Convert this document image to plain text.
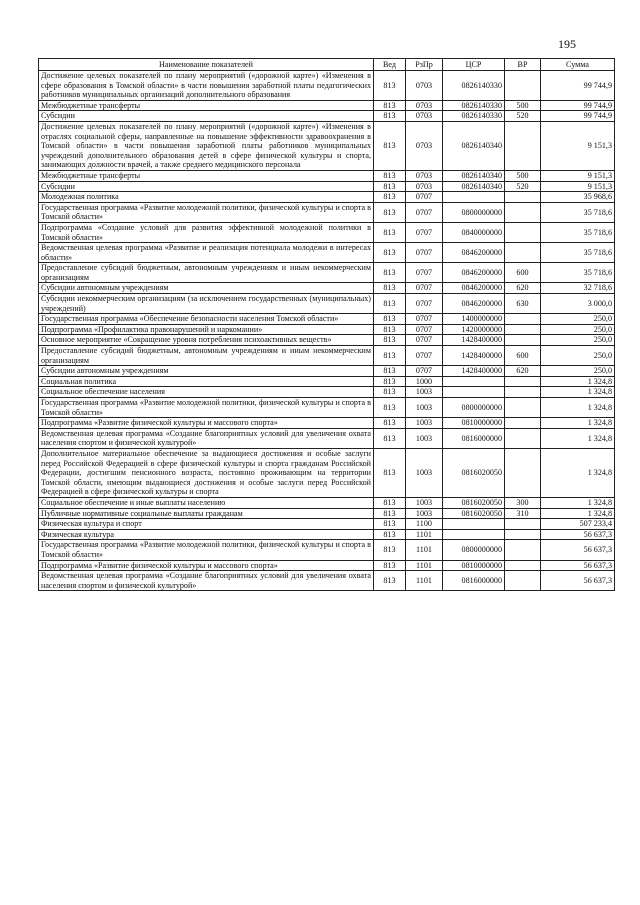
195
Наименование показателей	Вед	РзПр	ЦСР	ВР	Сумма
Достижение целевых показателей по плану мероприятий («дорожной карте») «Изменения в сфере образования в Томской области» в части повышения заработной платы педагогических работников муниципальных организаций дополнительного образования	813	0703	0826140330		99 744,9
Межбюджетные трансферты	813	0703	0826140330	500	99 744,9
Субсидии	813	0703	0826140330	520	99 744,9
Достижение целевых показателей по плану мероприятий («дорожной карте») «Изменения в отраслях социальной сферы, направленные на повышение эффективности здравоохранения в Томской области» в части повышения заработной платы работников муниципальных учреждений дополнительного образования детей в сфере физической культуры и спорта, занимающих должности врачей, а также среднего медицинского персонала	813	0703	0826140340		9 151,3
Межбюджетные трансферты	813	0703	0826140340	500	9 151,3
Субсидии	813	0703	0826140340	520	9 151,3
Молодежная политика	813	0707			35 968,6
Государственная программа «Развитие молодежной политики, физической культуры и спорта в Томской области»	813	0707	0800000000		35 718,6
Подпрограмма «Создание условий для развития эффективной молодежной политики в Томской области»	813	0707	0840000000		35 718,6
Ведомственная целевая программа «Развитие и реализация потенциала молодежи в интересах области»	813	0707	0846200000		35 718,6
Предоставление субсидий бюджетным, автономным учреждениям и иным некоммерческим организациям	813	0707	0846200000	600	35 718,6
Субсидии автономным учреждениям	813	0707	0846200000	620	32 718,6
Субсидии некоммерческим организациям (за исключением государственных (муниципальных) учреждений)	813	0707	0846200000	630	3 000,0
Государственная программа «Обеспечение безопасности населения Томской области»	813	0707	1400000000		250,0
Подпрограмма «Профилактика правонарушений и наркомании»	813	0707	1420000000		250,0
Основное мероприятие «Сокращение уровня потребления психоактивных веществ»	813	0707	1428400000		250,0
Предоставление субсидий бюджетным, автономным учреждениям и иным некоммерческим организациям	813	0707	1428400000	600	250,0
Субсидии автономным учреждениям	813	0707	1428400000	620	250,0
Социальная политика	813	1000			1 324,8
Социальное обеспечение населения	813	1003			1 324,8
Государственная программа «Развитие молодежной политики, физической культуры и спорта в Томской области»	813	1003	0800000000		1 324,8
Подпрограмма «Развитие физической культуры и массового спорта»	813	1003	0810000000		1 324,8
Ведомственная целевая программа «Создание благоприятных условий для увеличения охвата населения спортом и физической культурой»	813	1003	0816000000		1 324,8
Дополнительное материальное обеспечение за выдающиеся достижения и особые заслуги перед Российской Федерацией в сфере физической культуры и спорта гражданам Российской Федерации, достигшим пенсионного возраста, постоянно проживающим на территории Томской области, имеющим выдающиеся достижения и особые заслуги перед Российской Федерацией в сфере физической культуры и спорта	813	1003	0816020050		1 324,8
Социальное обеспечение и иные выплаты населению	813	1003	0816020050	300	1 324,8
Публичные нормативные социальные выплаты гражданам	813	1003	0816020050	310	1 324,8
Физическая культура и спорт	813	1100			507 233,4
Физическая культура	813	1101			56 637,3
Государственная программа «Развитие молодежной политики, физической культуры и спорта в Томской области»	813	1101	0800000000		56 637,3
Подпрограмма «Развитие физической культуры и массового спорта»	813	1101	0810000000		56 637,3
Ведомственная целевая программа «Создание благоприятных условий для увеличения охвата населения спортом и физической культурой»	813	1101	0816000000		56 637,3
